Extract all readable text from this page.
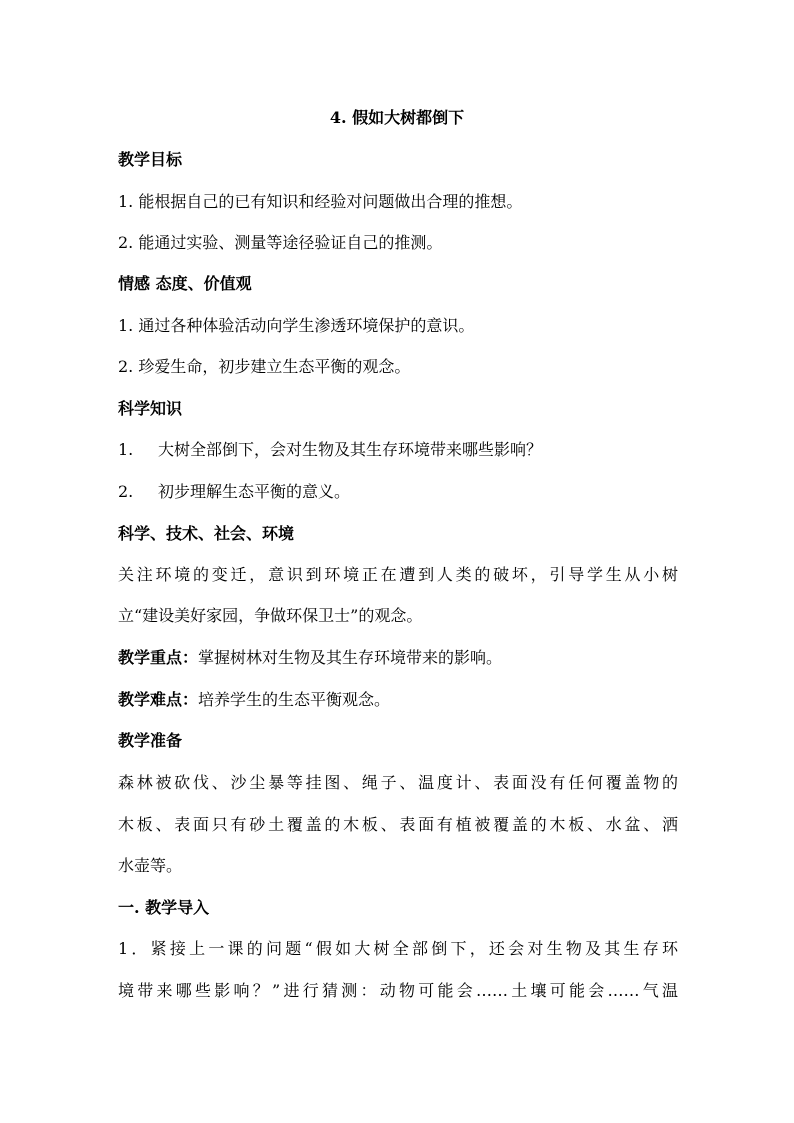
4. 假如大树都倒下
教学目标
1. 能根据自己的已有知识和经验对问题做出合理的推想。
2. 能通过实验、测量等途径验证自己的推测。
情感 态度、价值观
1. 通过各种体验活动向学生渗透环境保护的意识。
2. 珍爱生命，初步建立生态平衡的观念。
科学知识
1. 大树全部倒下，会对生物及其生存环境带来哪些影响？
2. 初步理解生态平衡的意义。
科学、技术、社会、环境
关注环境的变迁，意识到环境正在遭到人类的破坏，引导学生从小树
立“建设美好家园，争做环保卫士”的观念。
教学重点：掌握树林对生物及其生存环境带来的影响。
教学难点：培养学生的生态平衡观念。
教学准备
森林被砍伐、沙尘暴等挂图、绳子、温度计、表面没有任何覆盖物的
木板、表面只有砂土覆盖的木板、表面有植被覆盖的木板、水盆、洒
水壶等。
一. 教学导入
1．紧接上一课的问题“假如大树全部倒下，还会对生物及其生存环
境带来哪些影响？”进行猜测：动物可能会……土壤可能会……气温
